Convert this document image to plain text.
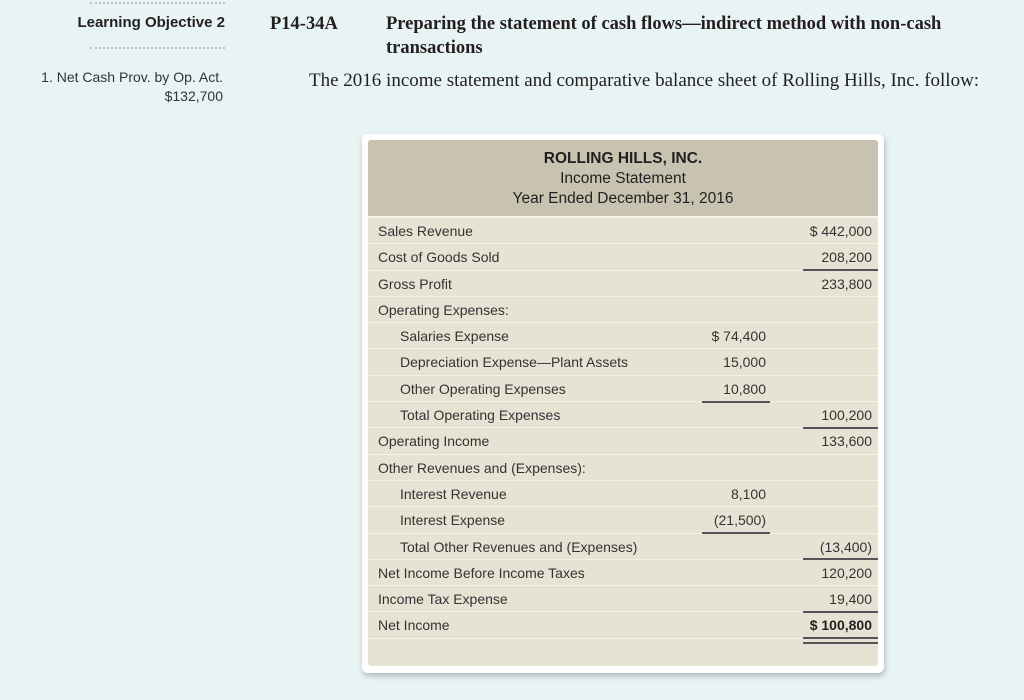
Learning Objective 2
1. Net Cash Prov. by Op. Act.
$132,700
P14-34A	Preparing the statement of cash flows—indirect method with non-cash transactions
The 2016 income statement and comparative balance sheet of Rolling Hills, Inc. follow:
ROLLING HILLS, INC.
Income Statement
Year Ended December 31, 2016
Sales Revenue	$ 442,000
Cost of Goods Sold	208,200
Gross Profit	233,800
Operating Expenses:
Salaries Expense	$ 74,400
Depreciation Expense—Plant Assets	15,000
Other Operating Expenses	10,800
Total Operating Expenses	100,200
Operating Income	133,600
Other Revenues and (Expenses):
Interest Revenue	8,100
Interest Expense	(21,500)
Total Other Revenues and (Expenses)	(13,400)
Net Income Before Income Taxes	120,200
Income Tax Expense	19,400
Net Income	$ 100,800
